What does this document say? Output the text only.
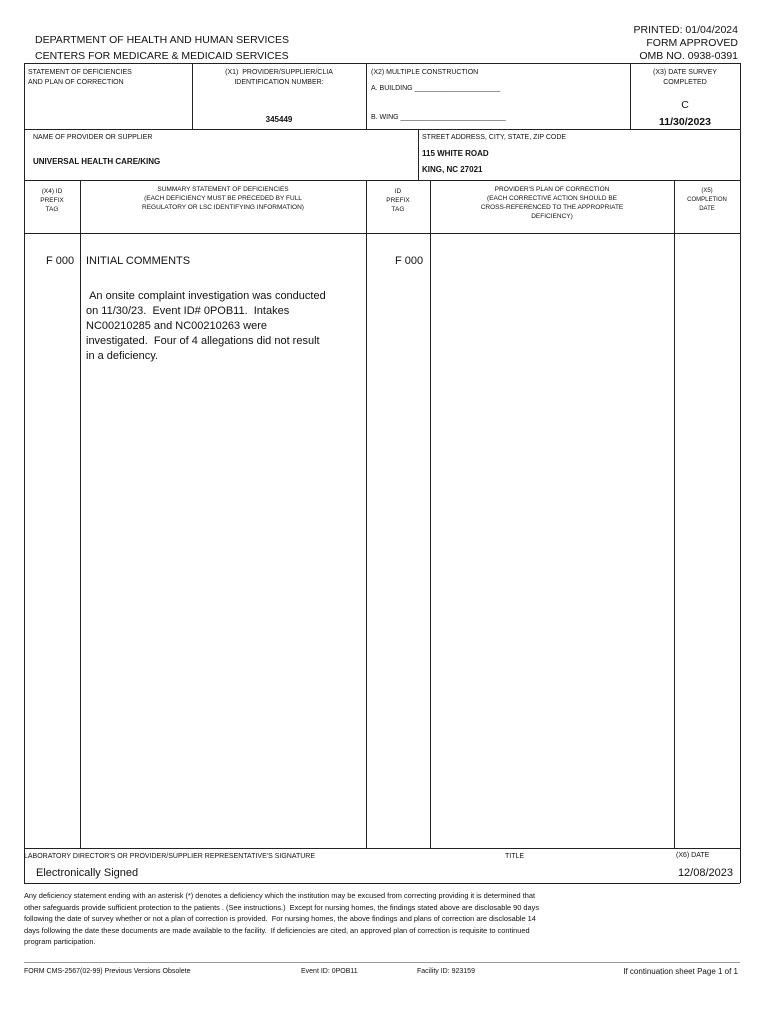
DEPARTMENT OF HEALTH AND HUMAN SERVICES
CENTERS FOR MEDICARE & MEDICAID SERVICES
PRINTED: 01/04/2024
FORM APPROVED
OMB NO. 0938-0391
STATEMENT OF DEFICIENCIES
AND PLAN OF CORRECTION
(X1)  PROVIDER/SUPPLIER/CLIA
IDENTIFICATION NUMBER:
345449
(X2) MULTIPLE CONSTRUCTION
A. BUILDING ______________________
B. WING ___________________________
(X3) DATE SURVEY
COMPLETED
C
11/30/2023
NAME OF PROVIDER OR SUPPLIER
UNIVERSAL HEALTH CARE/KING
STREET ADDRESS, CITY, STATE, ZIP CODE
115 WHITE ROAD
KING, NC 27021
(X4) ID
PREFIX
TAG
SUMMARY STATEMENT OF DEFICIENCIES
(EACH DEFICIENCY MUST BE PRECEDED BY FULL
REGULATORY OR LSC IDENTIFYING INFORMATION)
ID
PREFIX
TAG
PROVIDER'S PLAN OF CORRECTION
(EACH CORRECTIVE ACTION SHOULD BE
CROSS-REFERENCED TO THE APPROPRIATE
DEFICIENCY)
(X5)
COMPLETION
DATE
F 000 INITIAL COMMENTS	F 000
An onsite complaint investigation was conducted
on 11/30/23.  Event ID# 0POB11.  Intakes
NC00210285 and NC00210263 were
investigated.  Four of 4 allegations did not result
in a deficiency.
LABORATORY DIRECTOR'S OR PROVIDER/SUPPLIER REPRESENTATIVE'S SIGNATURE	TITLE	(X6) DATE
Electronically Signed	12/08/2023
Any deficiency statement ending with an asterisk (*) denotes a deficiency which the institution may be excused from correcting providing it is determined that
other safeguards provide sufficient protection to the patients . (See instructions.)  Except for nursing homes, the findings stated above are disclosable 90 days
following the date of survey whether or not a plan of correction is provided.  For nursing homes, the above findings and plans of correction are disclosable 14
days following the date these documents are made available to the facility.  If deficiencies are cited, an approved plan of correction is requisite to continued
program participation.
FORM CMS-2567(02-99) Previous Versions Obsolete	Event ID: 0POB11	Facility ID: 923159	If continuation sheet Page 1 of 1
